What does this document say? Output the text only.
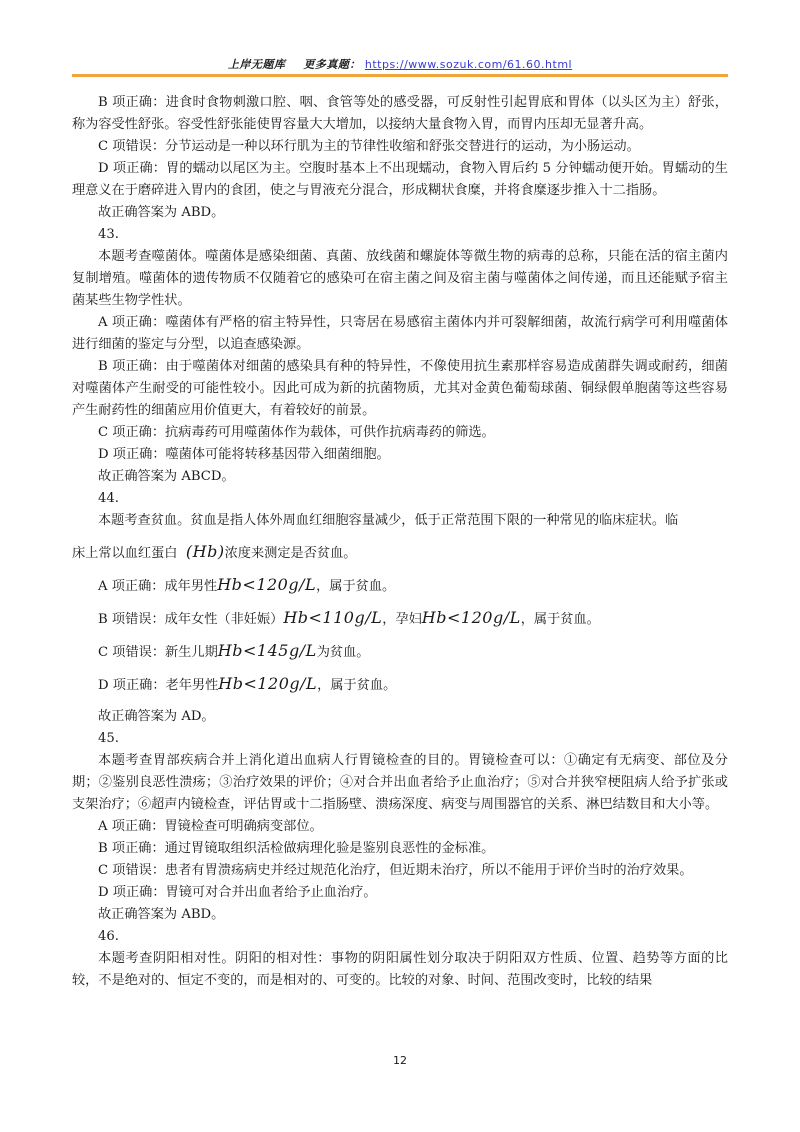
上岸无题库 更多真题： https://www.sozuk.com/61.60.html

B 项正确：进食时食物刺激口腔、咽、食管等处的感受器，可反射性引起胃底和胃体（以头区为主）舒张，称为容受性舒张。容受性舒张能使胃容量大大增加，以接纳大量食物入胃，而胃内压却无显著升高。

C 项错误：分节运动是一种以环行肌为主的节律性收缩和舒张交替进行的运动，为小肠运动。

D 项正确：胃的蠕动以尾区为主。空腹时基本上不出现蠕动，食物入胃后约 5 分钟蠕动便开始。胃蠕动的生理意义在于磨碎进入胃内的食团，使之与胃液充分混合，形成糊状食糜，并将食糜逐步推入十二指肠。

故正确答案为 ABD。

43.

本题考查噬菌体。噬菌体是感染细菌、真菌、放线菌和螺旋体等微生物的病毒的总称，只能在活的宿主菌内复制增殖。噬菌体的遗传物质不仅随着它的感染可在宿主菌之间及宿主菌与噬菌体之间传递，而且还能赋予宿主菌某些生物学性状。

A 项正确：噬菌体有严格的宿主特异性，只寄居在易感宿主菌体内并可裂解细菌，故流行病学可利用噬菌体进行细菌的鉴定与分型，以追查感染源。

B 项正确：由于噬菌体对细菌的感染具有种的特异性，不像使用抗生素那样容易造成菌群失调或耐药，细菌对噬菌体产生耐受的可能性较小。因此可成为新的抗菌物质，尤其对金黄色葡萄球菌、铜绿假单胞菌等这些容易产生耐药性的细菌应用价值更大，有着较好的前景。

C 项正确：抗病毒药可用噬菌体作为载体，可供作抗病毒药的筛选。

D 项正确：噬菌体可能将转移基因带入细菌细胞。

故正确答案为 ABCD。

44.

本题考查贫血。贫血是指人体外周血红细胞容量减少，低于正常范围下限的一种常见的临床症状。临

床上常以血红蛋白 (Hb)浓度来测定是否贫血。

A 项正确：成年男性Hb<120g/L，属于贫血。

B 项错误：成年女性（非妊娠）Hb<110g/L，孕妇Hb<120g/L，属于贫血。

C 项错误：新生儿期Hb<145g/L为贫血。

D 项正确：老年男性Hb<120g/L，属于贫血。

故正确答案为 AD。

45.

本题考查胃部疾病合并上消化道出血病人行胃镜检查的目的。胃镜检查可以：①确定有无病变、部位及分期；②鉴别良恶性溃疡；③治疗效果的评价；④对合并出血者给予止血治疗；⑤对合并狭窄梗阻病人给予扩张或支架治疗；⑥超声内镜检查，评估胃或十二指肠壁、溃疡深度、病变与周围器官的关系、淋巴结数目和大小等。

A 项正确：胃镜检查可明确病变部位。

B 项正确：通过胃镜取组织活检做病理化验是鉴别良恶性的金标准。

C 项错误：患者有胃溃疡病史并经过规范化治疗，但近期未治疗，所以不能用于评价当时的治疗效果。

D 项正确：胃镜可对合并出血者给予止血治疗。

故正确答案为 ABD。

46.

本题考查阴阳相对性。阴阳的相对性：事物的阴阳属性划分取决于阴阳双方性质、位置、趋势等方面的比较，不是绝对的、恒定不变的，而是相对的、可变的。比较的对象、时间、范围改变时，比较的结果

12
